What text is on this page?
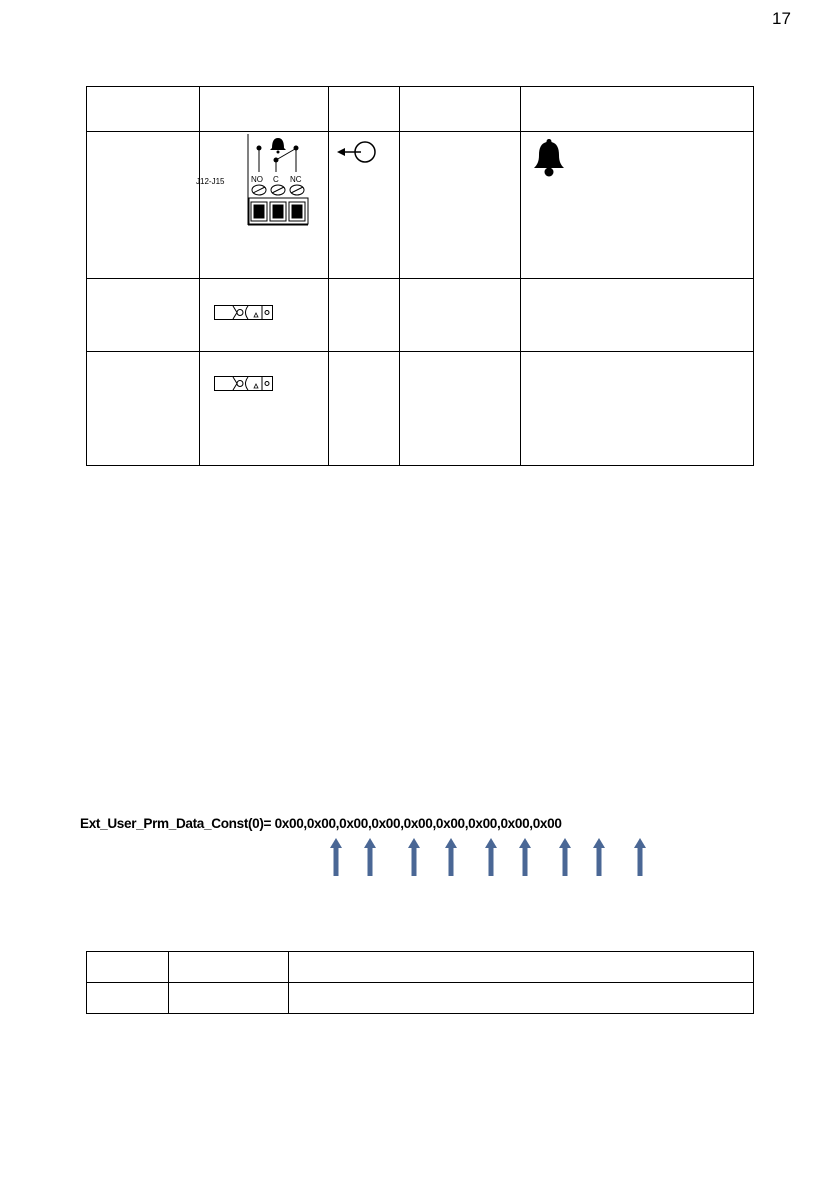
17

J12-J15 NO C NC

Ext_User_Prm_Data_Const(0)= 0x00,0x00,0x00,0x00,0x00,0x00,0x00,0x00,0x00
